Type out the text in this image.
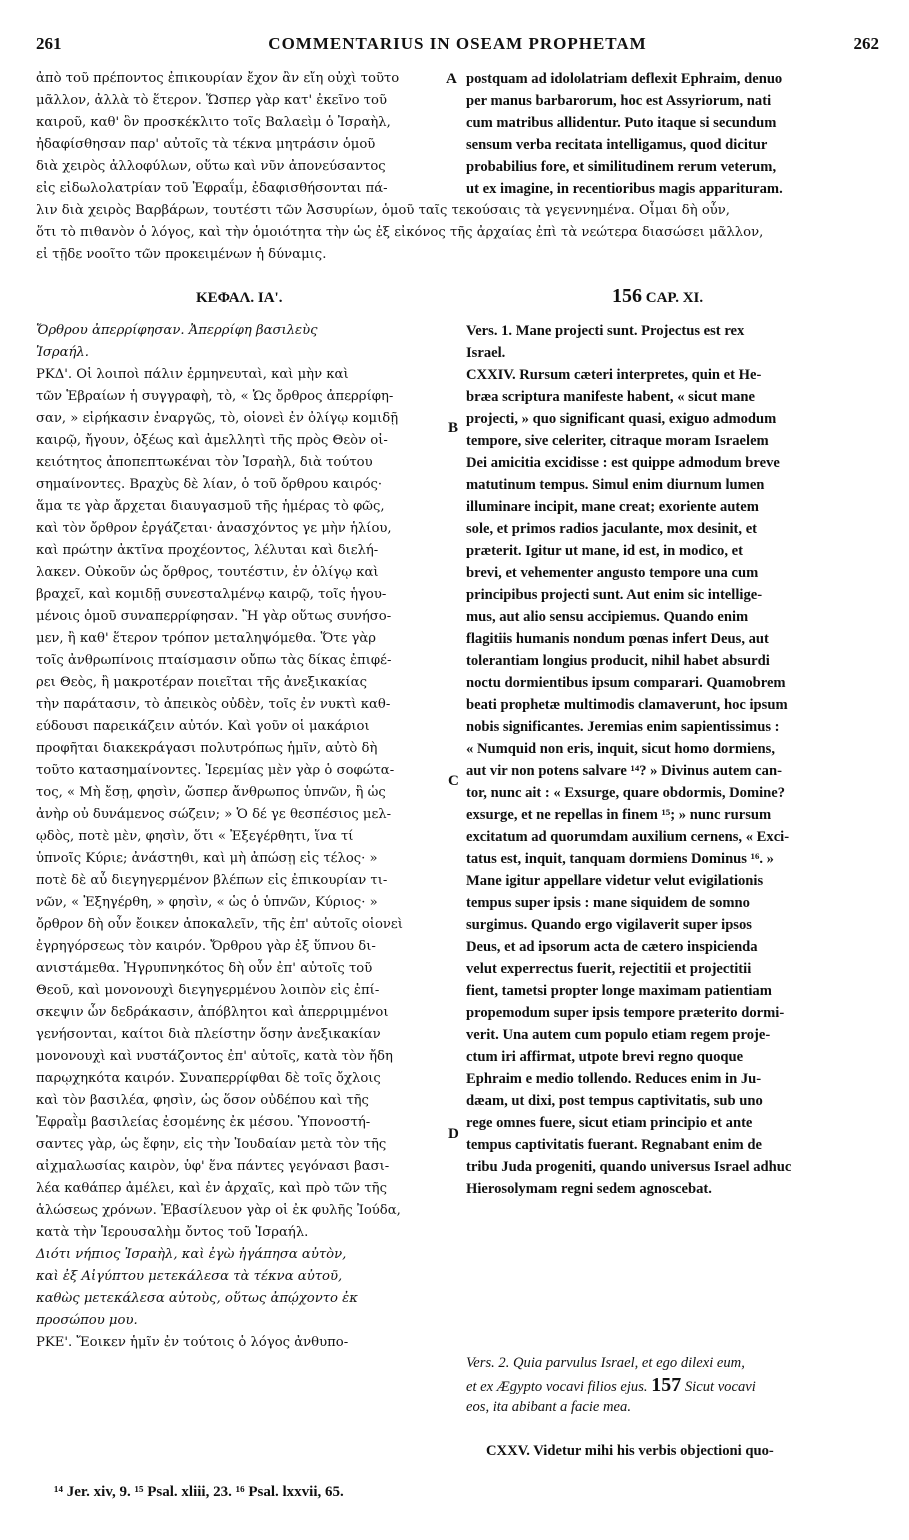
261	COMMENTARIUS IN OSEAM PROPHETAM	262
ἀπὸ τοῦ πρέποντος ἐπικουρίαν ἔχον ἂν εἴη οὐχὶ τοῦτο
μᾶλλον, ἀλλὰ τὸ ἕτερον. Ὥσπερ γὰρ κατ' ἐκεῖνο τοῦ
καιροῦ, καθ' ὃν προσκέκλιτο τοῖς Βαλαεὶμ ὁ Ἰσραὴλ,
ἠδαφίσθησαν παρ' αὐτοῖς τὰ τέκνα μητράσιν ὁμοῦ
διὰ χειρὸς ἀλλοφύλων, οὕτω καὶ νῦν ἀπονεύσαντος
εἰς εἰδωλολατρίαν τοῦ Ἐφραΐμ, ἐδαφισθήσονται πά-
postquam ad idololatriam deflexit Ephraim, denuo
per manus barbarorum, hoc est Assyriorum, nati
cum matribus allidentur. Puto itaque si secundum
sensum verba recitata intelligamus, quod dicitur
probabilius fore, et similitudinem rerum veterum,
ut ex imagine, in recentioribus magis apparituram.
λιν διὰ χειρὸς Βαρβάρων, τουτέστι τῶν Ἀσσυρίων, ὁμοῦ ταῖς τεκούσαις τὰ γεγεννημένα. Οἶμαι δὴ οὖν,
ὅτι τὸ πιθανὸν ὁ λόγος, καὶ τὴν ὁμοιότητα τὴν ὡς ἐξ εἰκόνος τῆς ἀρχαίας ἐπὶ τὰ νεώτερα διασώσει μᾶλλον,
εἰ τῇδε νοοῖτο τῶν προκειμένων ἡ δύναμις.
ΚΕΦΑΛ. ΙΑ'.	156 CAP. XI.
Ὄρθρου ἀπερρίφησαν. Ἀπερρίφη βασιλεὺς
Ἰσραήλ.
ΡΚΔ'. Οἱ λοιποὶ πάλιν ἑρμηνευταὶ, καὶ μὴν καὶ
τῶν Ἑβραίων ἡ συγγραφὴ, τὸ, « Ὡς ὄρθρος ἀπερρίφη-
σαν, » εἰρήκασιν ἐναργῶς, τὸ, οἱονεὶ ἐν ὀλίγῳ κομιδῇ
καιρῷ, ἤγουν, ὀξέως καὶ ἀμελλητὶ τῆς πρὸς Θεὸν οἰ-
κειότητος ἀποπεπτωκέναι τὸν Ἰσραὴλ, διὰ τούτου
σημαίνοντες. Βραχὺς δὲ λίαν, ὁ τοῦ ὄρθρου καιρός·
ἅμα τε γὰρ ἄρχεται διαυγασμοῦ τῆς ἡμέρας τὸ φῶς,
καὶ τὸν ὄρθρον ἐργάζεται· ἀνασχόντος γε μὴν ἡλίου,
καὶ πρώτην ἀκτῖνα προχέοντος, λέλυται καὶ διελή-
λακεν. Οὐκοῦν ὡς ὄρθρος, τουτέστιν, ἐν ὀλίγῳ καὶ
βραχεῖ, καὶ κομιδῇ συνεσταλμένῳ καιρῷ, τοῖς ἡγου-
μένοις ὁμοῦ συναπερρίφησαν. Ἢ γὰρ οὕτως συνήσο-
μεν, ἢ καθ' ἕτερον τρόπον μεταληψόμεθα. Ὅτε γὰρ
τοῖς ἀνθρωπίνοις πταίσμασιν οὔπω τὰς δίκας ἐπιφέ-
ρει Θεὸς, ἢ μακροτέραν ποιεῖται τῆς ἀνεξικακίας
τὴν παράτασιν, τὸ ἀπεικὸς οὐδὲν, τοῖς ἐν νυκτὶ καθ-
εύδουσι παρεικάζειν αὐτόν. Καὶ γοῦν οἱ μακάριοι
προφῆται διακεκράγασι πολυτρόπως ἡμῖν, αὐτὸ δὴ
τοῦτο κατασημαίνοντες. Ἱερεμίας μὲν γὰρ ὁ σοφώτα-
τος, « Μὴ ἔσῃ, φησὶν, ὥσπερ ἄνθρωπος ὑπνῶν, ἢ ὡς
ἀνὴρ οὐ δυνάμενος σώζειν; » Ὁ δέ γε θεσπέσιος μελ-
ῳδὸς, ποτὲ μὲν, φησὶν, ὅτι « Ἐξεγέρθητι, ἵνα τί
ὑπνοῖς Κύριε; ἀνάστηθι, καὶ μὴ ἀπώσῃ εἰς τέλος· »
ποτὲ δὲ αὖ διεγηγερμένον βλέπων εἰς ἐπικουρίαν τι-
νῶν, « Ἐξηγέρθη, » φησὶν, « ὡς ὁ ὑπνῶν, Κύριος· »
ὄρθρον δὴ οὖν ἔοικεν ἀποκαλεῖν, τῆς ἐπ' αὐτοῖς οἱονεὶ
ἐγρηγόρσεως τὸν καιρόν. Ὄρθρου γὰρ ἐξ ὕπνου δι-
ανιστάμεθα. Ἠγρυπνηκότος δὴ οὖν ἐπ' αὐτοῖς τοῦ
Θεοῦ, καὶ μονονουχὶ διεγηγερμένου λοιπὸν εἰς ἐπί-
σκεψιν ὧν δεδράκασιν, ἀπόβλητοι καὶ ἀπερριμμένοι
γενήσονται, καίτοι διὰ πλείστην ὅσην ἀνεξικακίαν
μονονουχὶ καὶ νυστάζοντος ἐπ' αὐτοῖς, κατὰ τὸν ἤδη
παρῳχηκότα καιρόν. Συναπερρίφθαι δὲ τοῖς ὄχλοις
καὶ τὸν βασιλέα, φησὶν, ὡς ὅσον οὐδέπου καὶ τῆς
Ἐφραῒμ βασιλείας ἐσομένης ἐκ μέσου. Ὑπονοστή-
σαντες γὰρ, ὡς ἔφην, εἰς τὴν Ἰουδαίαν μετὰ τὸν τῆς
αἰχμαλωσίας καιρὸν, ὑφ' ἕνα πάντες γεγόνασι βασι-
λέα καθάπερ ἀμέλει, καὶ ἐν ἀρχαῖς, καὶ πρὸ τῶν τῆς
ἁλώσεως χρόνων. Ἐβασίλευον γὰρ οἱ ἐκ φυλῆς Ἰούδα,
κατὰ τὴν Ἱερουσαλὴμ ὄντος τοῦ Ἰσραήλ.
Διότι νήπιος Ἰσραὴλ, καὶ ἐγὼ ἠγάπησα αὐτὸν,
καὶ ἐξ Αἰγύπτου μετεκάλεσα τὰ τέκνα αὐτοῦ,
καθὼς μετεκάλεσα αὐτοὺς, οὕτως ἀπῴχοντο ἐκ
προσώπου μου.
ΡΚΕ'. Ἔοικεν ἡμῖν ἐν τούτοις ὁ λόγος ἀνθυπο-
Vers. 1. Mane projecti sunt. Projectus est rex
Israel.
CXXIV. Rursum cæteri interpretes, quin et He-
bræa scriptura manifeste habent, « sicut mane
projecti, » quo significant quasi, exiguo admodum
tempore, sive celeriter, citraque moram Israelem
Dei amicitia excidisse : est quippe admodum breve
matutinum tempus. Simul enim diurnum lumen
illuminare incipit, mane creat; exoriente autem
sole, et primos radios jaculante, mox desinit, et
præterit. Igitur ut mane, id est, in modico, et
brevi, et vehementer angusto tempore una cum
principibus projecti sunt. Aut enim sic intellige-
mus, aut alio sensu accipiemus. Quando enim
flagitiis humanis nondum pœnas infert Deus, aut
tolerantiam longius producit, nihil habet absurdi
noctu dormientibus ipsum comparari. Quamobrem
beati prophetæ multimodis clamaverunt, hoc ipsum
nobis significantes. Jeremias enim sapientissimus :
« Numquid non eris, inquit, sicut homo dormiens,
aut vir non potens salvare ¹⁴? » Divinus autem can-
tor, nunc ait : « Exsurge, quare obdormis, Domine?
exsurge, et ne repellas in finem ¹⁵; » nunc rursum
excitatum ad quorumdam auxilium cernens, « Exci-
tatus est, inquit, tanquam dormiens Dominus ¹⁶. »
Mane igitur appellare videtur velut evigilationis
tempus super ipsis : mane siquidem de somno
surgimus. Quando ergo vigilaverit super ipsos
Deus, et ad ipsorum acta de cætero inspicienda
velut experrectus fuerit, rejectitii et projectitii
fient, tametsi propter longe maximam patientiam
propemodum super ipsis tempore præterito dormi-
verit. Una autem cum populo etiam regem proje-
ctum iri affirmat, utpote brevi regno quoque
Ephraim e medio tollendo. Reduces enim in Ju-
dæam, ut dixi, post tempus captivitatis, sub uno
rege omnes fuere, sicut etiam principio et ante
tempus captivitatis fuerant. Regnabant enim de
tribu Juda progeniti, quando universus Israel adhuc
Hierosolymam regni sedem agnoscebat.
Vers. 2. Quia parvulus Israel, et ego dilexi eum,
et ex Ægypto vocavi filios ejus. 157 Sicut vocavi
eos, ita abibant a facie mea.
CXXV. Videtur mihi his verbis objectioni quo-
A
B
C
D
¹⁴ Jer. xiv, 9. ¹⁵ Psal. xliii, 23. ¹⁶ Psal. lxxvii, 65.
